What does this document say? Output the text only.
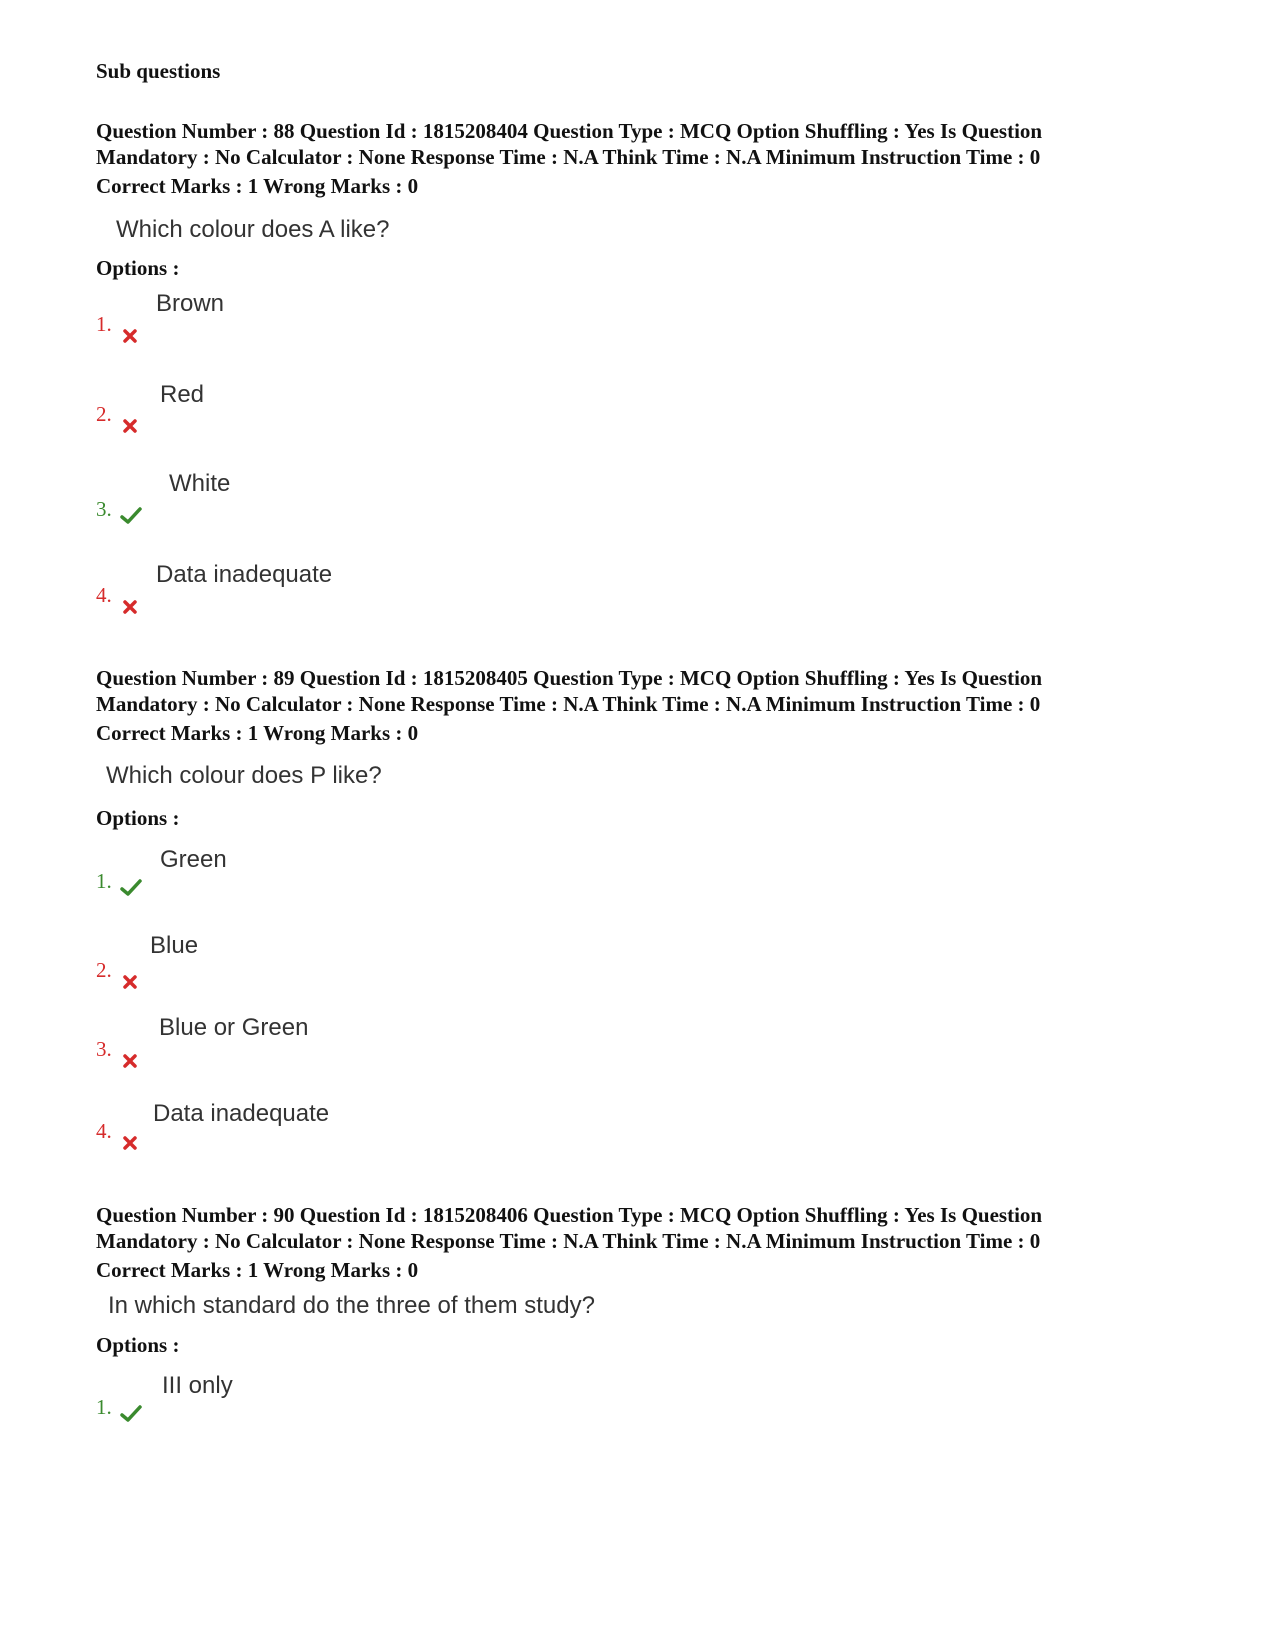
Sub questions
Question Number : 88 Question Id : 1815208404 Question Type : MCQ Option Shuffling : Yes Is Question
Mandatory : No Calculator : None Response Time : N.A Think Time : N.A Minimum Instruction Time : 0
Correct Marks : 1 Wrong Marks : 0
Which colour does A like?
Options :
1.
Brown
2.
Red
3.
White
4.
Data inadequate
Question Number : 89 Question Id : 1815208405 Question Type : MCQ Option Shuffling : Yes Is Question
Mandatory : No Calculator : None Response Time : N.A Think Time : N.A Minimum Instruction Time : 0
Correct Marks : 1 Wrong Marks : 0
Which colour does P like?
Options :
1.
Green
2.
Blue
3.
Blue or Green
4.
Data inadequate
Question Number : 90 Question Id : 1815208406 Question Type : MCQ Option Shuffling : Yes Is Question
Mandatory : No Calculator : None Response Time : N.A Think Time : N.A Minimum Instruction Time : 0
Correct Marks : 1 Wrong Marks : 0
In which standard do the three of them study?
Options :
1.
III only
